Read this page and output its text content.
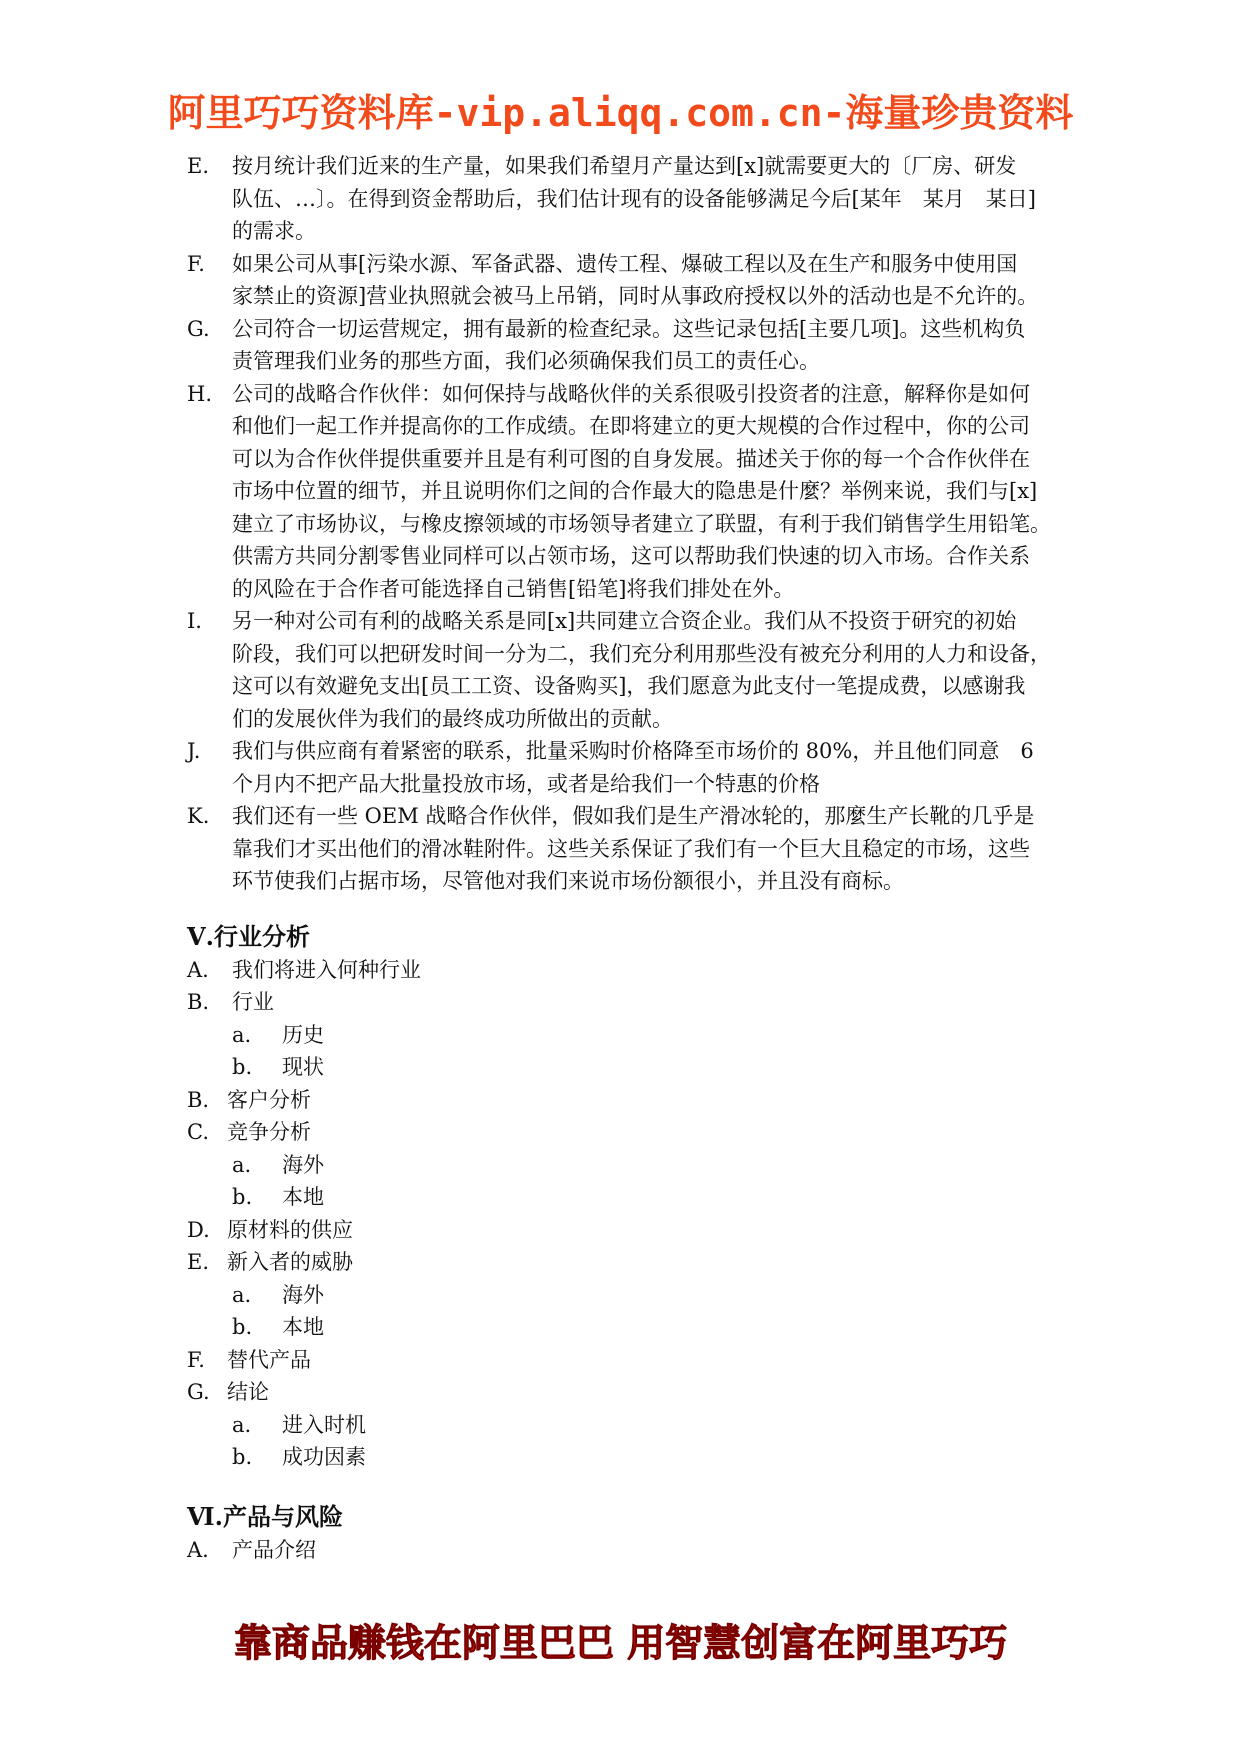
阿里巧巧资料库-vip.aliqq.com.cn-海量珍贵资料
E.	按月统计我们近来的生产量，如果我们希望月产量达到[x]就需要更大的〔厂房、研发
队伍、…〕。在得到资金帮助后，我们估计现有的设备能够满足今后[某年　某月　某日]
的需求。
F.	如果公司从事[污染水源、军备武器、遗传工程、爆破工程以及在生产和服务中使用国
家禁止的资源]营业执照就会被马上吊销，同时从事政府授权以外的活动也是不允许的。
G.	公司符合一切运营规定，拥有最新的检查纪录。这些记录包括[主要几项]。这些机构负
责管理我们业务的那些方面，我们必须确保我们员工的责任心。
H. 公司的战略合作伙伴：如何保持与战略伙伴的关系很吸引投资者的注意，解释你是如何
和他们一起工作并提高你的工作成绩。在即将建立的更大规模的合作过程中，你的公司
可以为合作伙伴提供重要并且是有利可图的自身发展。描述关于你的每一个合作伙伴在
市场中位置的细节，并且说明你们之间的合作最大的隐患是什麼？举例来说，我们与[x]
建立了市场协议，与橡皮擦领域的市场领导者建立了联盟，有利于我们销售学生用铅笔。
供需方共同分割零售业同样可以占领市场，这可以帮助我们快速的切入市场。合作关系
的风险在于合作者可能选择自己销售[铅笔]将我们排处在外。
I.	另一种对公司有利的战略关系是同[x]共同建立合资企业。我们从不投资于研究的初始
阶段，我们可以把研发时间一分为二，我们充分利用那些没有被充分利用的人力和设备，
这可以有效避免支出[员工工资、设备购买]，我们愿意为此支付一笔提成费，以感谢我
们的发展伙伴为我们的最终成功所做出的贡献。
J.	我们与供应商有着紧密的联系，批量采购时价格降至市场价的 80%，并且他们同意　6
个月内不把产品大批量投放市场，或者是给我们一个特惠的价格
K.	我们还有一些 OEM 战略合作伙伴，假如我们是生产滑冰轮的，那麼生产长靴的几乎是
靠我们才买出他们的滑冰鞋附件。这些关系保证了我们有一个巨大且稳定的市场，这些
环节使我们占据市场，尽管他对我们来说市场份额很小，并且没有商标。
Ⅴ.行业分析
A.	我们将进入何种行业
B.	行业
a.	历史
b.	现状
B. 客户分析
C. 竞争分析
a.	海外
b.	本地
D. 原材料的供应
E. 新入者的威胁
a.	海外
b.	本地
F.	替代产品
G. 结论
a.	进入时机
b.	成功因素
Ⅵ.产品与风险
A.	产品介绍
靠商品赚钱在阿里巴巴 用智慧创富在阿里巧巧
